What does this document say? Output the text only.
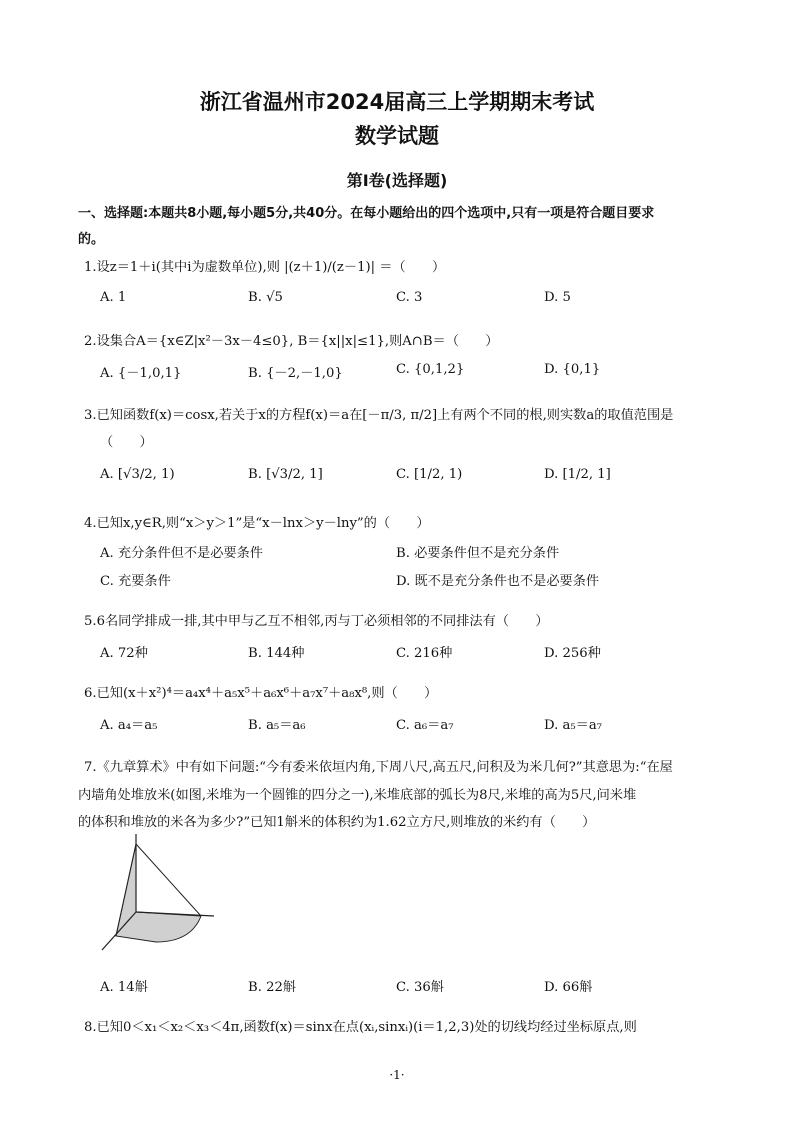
浙江省温州市2024届高三上学期期末考试
数学试题
第Ⅰ卷(选择题)
一、选择题:本题共8小题,每小题5分,共40分。在每小题给出的四个选项中,只有一项是符合题目要求
的。
1.设z＝1＋i(其中i为虚数单位),则 |(z＋1)/(z－1)| ＝（　　）
A. 1	B. √5	C. 3	D. 5
2.设集合A＝{x∈Z|x²－3x－4≤0}, B＝{x||x|≤1},则A∩B＝（　　）
A. {－1,0,1}	B. {－2,－1,0}	C. {0,1,2}	D. {0,1}
3.已知函数f(x)＝cosx,若关于x的方程f(x)＝a在[－π/3, π/2]上有两个不同的根,则实数a的取值范围是
（　　）
A. [√3/2, 1)	B. [√3/2, 1]	C. [1/2, 1)	D. [1/2, 1]
4.已知x,y∈R,则“x＞y＞1”是“x－lnx＞y－lny”的（　　）
A. 充分条件但不是必要条件	B. 必要条件但不是充分条件
C. 充要条件	D. 既不是充分条件也不是必要条件
5.6名同学排成一排,其中甲与乙互不相邻,丙与丁必须相邻的不同排法有（　　）
A. 72种	B. 144种	C. 216种	D. 256种
6.已知(x＋x²)⁴＝a₄x⁴＋a₅x⁵＋a₆x⁶＋a₇x⁷＋a₈x⁸,则（　　）
A. a₄＝a₅	B. a₅＝a₆	C. a₆＝a₇	D. a₅＝a₇
7.《九章算术》中有如下问题:“今有委米依垣内角,下周八尺,高五尺,问积及为米几何?”其意思为:“在屋
内墙角处堆放米(如图,米堆为一个圆锥的四分之一),米堆底部的弧长为8尺,米堆的高为5尺,问米堆
的体积和堆放的米各为多少?”已知1斛米的体积约为1.62立方尺,则堆放的米约有（　　）
A. 14斛	B. 22斛	C. 36斛	D. 66斛
8.已知0＜x₁＜x₂＜x₃＜4π,函数f(x)＝sinx在点(xᵢ,sinxᵢ)(i＝1,2,3)处的切线均经过坐标原点,则
·1·
